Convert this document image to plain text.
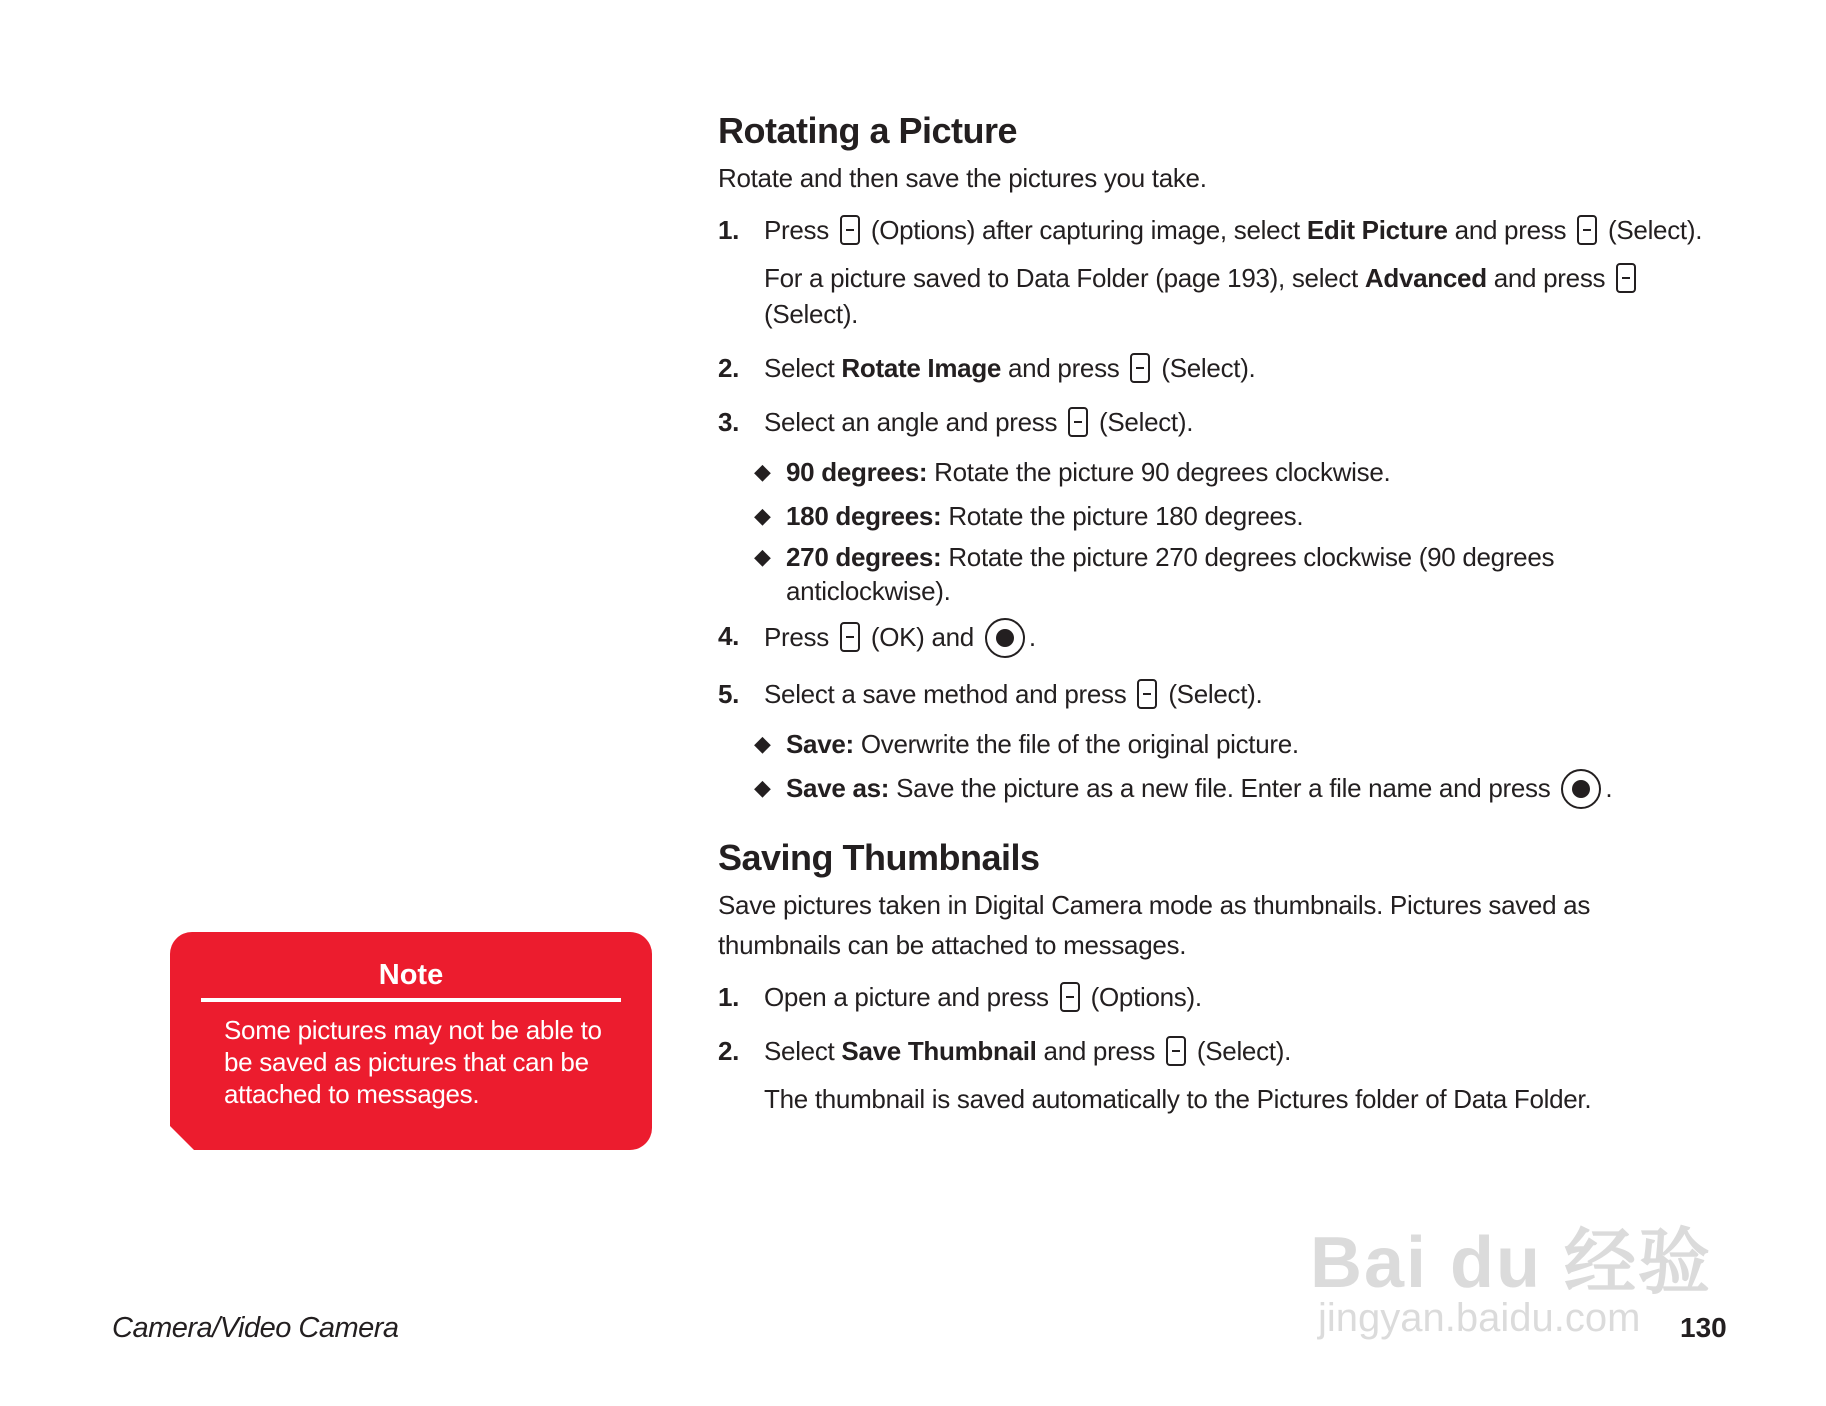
Rotating a Picture
Rotate and then save the pictures you take.
1. Press (Options) after capturing image, select Edit Picture and press (Select).
For a picture saved to Data Folder (page 193), select Advanced and press
(Select).
2. Select Rotate Image and press (Select).
3. Select an angle and press (Select).
◆ 90 degrees: Rotate the picture 90 degrees clockwise.
◆ 180 degrees: Rotate the picture 180 degrees.
◆ 270 degrees: Rotate the picture 270 degrees clockwise (90 degrees anticlockwise).
4. Press (OK) and .
5. Select a save method and press (Select).
◆ Save: Overwrite the file of the original picture.
◆ Save as: Save the picture as a new file. Enter a file name and press .
Saving Thumbnails
Save pictures taken in Digital Camera mode as thumbnails. Pictures saved as thumbnails can be attached to messages.
1. Open a picture and press (Options).
2. Select Save Thumbnail and press (Select).
The thumbnail is saved automatically to the Pictures folder of Data Folder.
Note
Some pictures may not be able to be saved as pictures that can be attached to messages.
Bai du 经验
jingyan.baidu.com
Camera/Video Camera	130
